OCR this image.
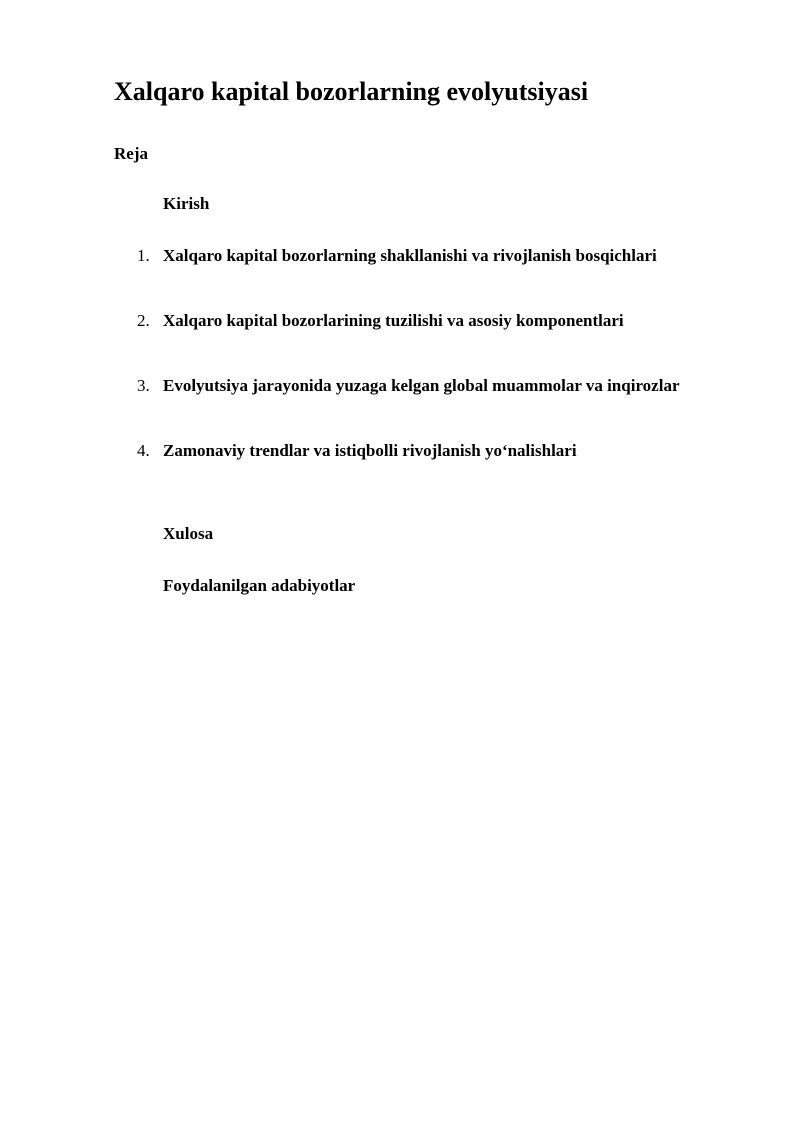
Xalqaro kapital bozorlarning evolyutsiyasi

Reja

Kirish

1. Xalqaro kapital bozorlarning shakllanishi va rivojlanish bosqichlari
2. Xalqaro kapital bozorlarining tuzilishi va asosiy komponentlari
3. Evolyutsiya jarayonida yuzaga kelgan global muammolar va inqirozlar
4. Zamonaviy trendlar va istiqbolli rivojlanish yo‘nalishlari

Xulosa

Foydalanilgan adabiyotlar
